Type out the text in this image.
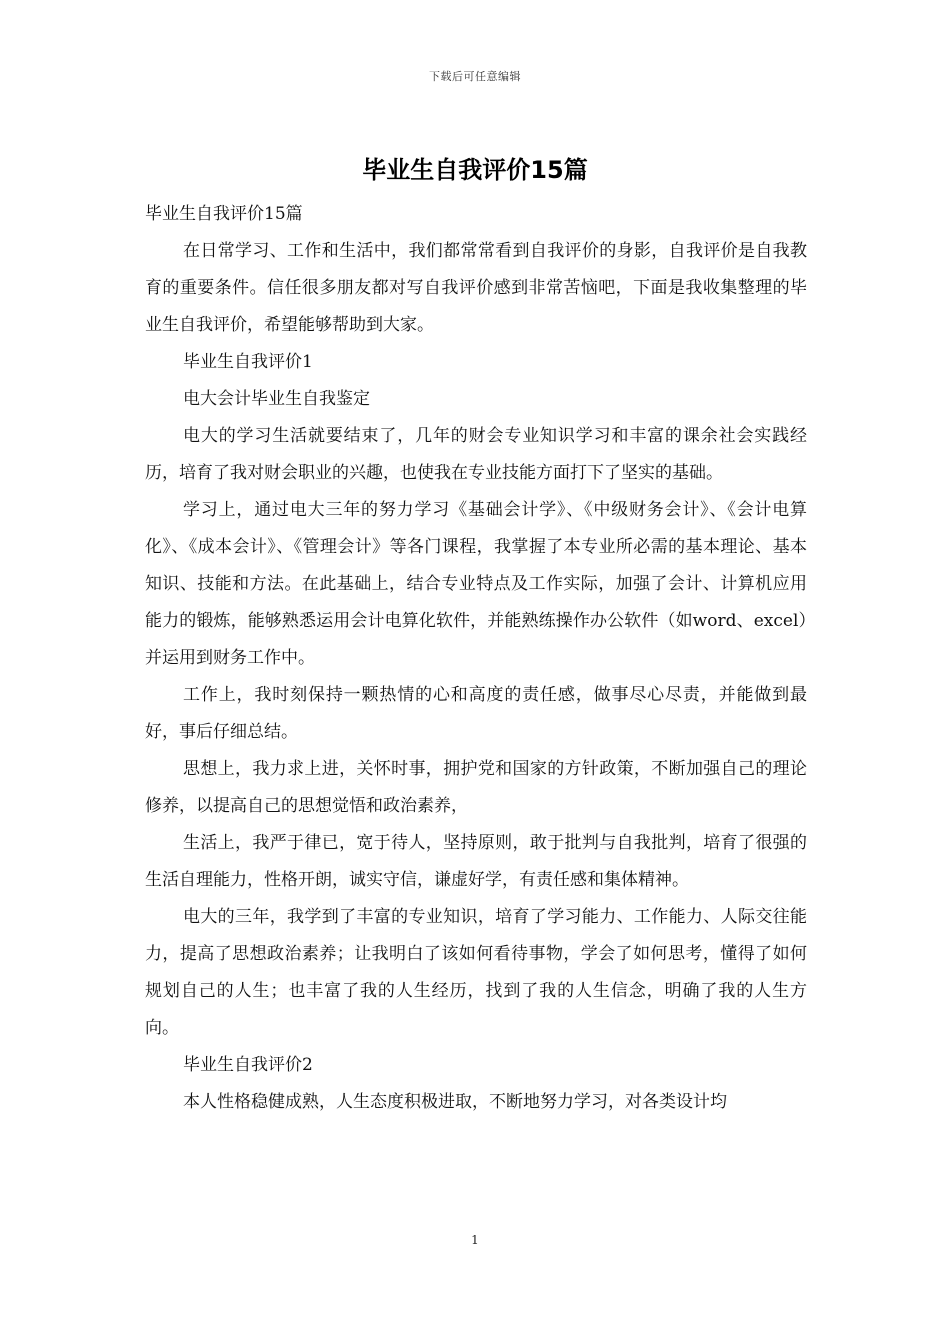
下载后可任意编辑
毕业生自我评价15篇

毕业生自我评价15篇

在日常学习、工作和生活中，我们都常常看到自我评价的身影，自我评价是自我教育的重要条件。信任很多朋友都对写自我评价感到非常苦恼吧，下面是我收集整理的毕业生自我评价，希望能够帮助到大家。

毕业生自我评价1

电大会计毕业生自我鉴定

电大的学习生活就要结束了，几年的财会专业知识学习和丰富的课余社会实践经历，培育了我对财会职业的兴趣，也使我在专业技能方面打下了坚实的基础。

学习上，通过电大三年的努力学习《基础会计学》、《中级财务会计》、《会计电算化》、《成本会计》、《管理会计》等各门课程，我掌握了本专业所必需的基本理论、基本知识、技能和方法。在此基础上，结合专业特点及工作实际，加强了会计、计算机应用能力的锻炼，能够熟悉运用会计电算化软件，并能熟练操作办公软件（如word、excel）并运用到财务工作中。

工作上，我时刻保持一颗热情的心和高度的责任感，做事尽心尽责，并能做到最好，事后仔细总结。

思想上，我力求上进，关怀时事，拥护党和国家的方针政策，不断加强自己的理论修养，以提高自己的思想觉悟和政治素养，

生活上，我严于律已，宽于待人，坚持原则，敢于批判与自我批判，培育了很强的生活自理能力，性格开朗，诚实守信，谦虚好学，有责任感和集体精神。

电大的三年，我学到了丰富的专业知识，培育了学习能力、工作能力、人际交往能力，提高了思想政治素养；让我明白了该如何看待事物，学会了如何思考，懂得了如何规划自己的人生；也丰富了我的人生经历，找到了我的人生信念，明确了我的人生方向。

毕业生自我评价2

本人性格稳健成熟，人生态度积极进取，不断地努力学习，对各类设计均

1
